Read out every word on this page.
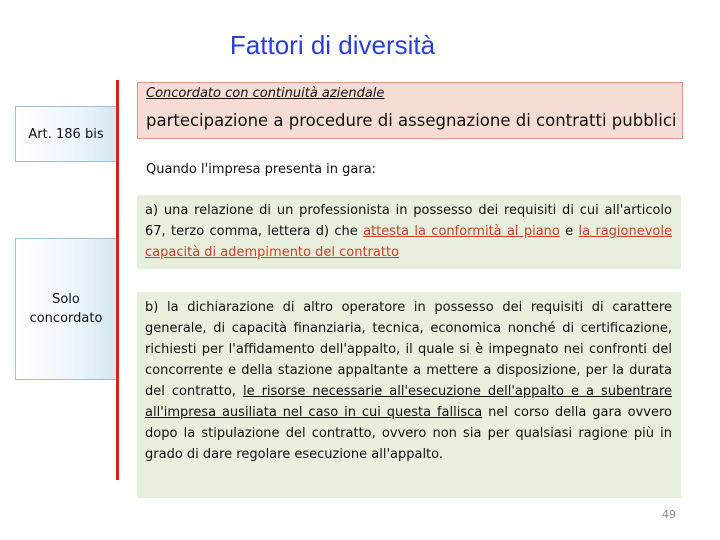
Fattori di diversità
Art. 186 bis
Solo
concordato
Concordato con continuità aziendale
partecipazione a procedure di assegnazione di contratti pubblici
Quando l'impresa presenta in gara:
a) una relazione di un professionista in possesso dei requisiti di cui all'articolo 67, terzo comma, lettera d) che attesta la conformità al piano e la ragionevole capacità di adempimento del contratto
b) la dichiarazione di altro operatore in possesso dei requisiti di carattere generale, di capacità finanziaria, tecnica, economica nonché di certificazione, richiesti per l'affidamento dell'appalto, il quale si è impegnato nei confronti del concorrente e della stazione appaltante a mettere a disposizione, per la durata del contratto, le risorse necessarie all'esecuzione dell'appalto e a subentrare all'impresa ausiliata nel caso in cui questa fallisca nel corso della gara ovvero dopo la stipulazione del contratto, ovvero non sia per qualsiasi ragione più in grado di dare regolare esecuzione all'appalto.
49
